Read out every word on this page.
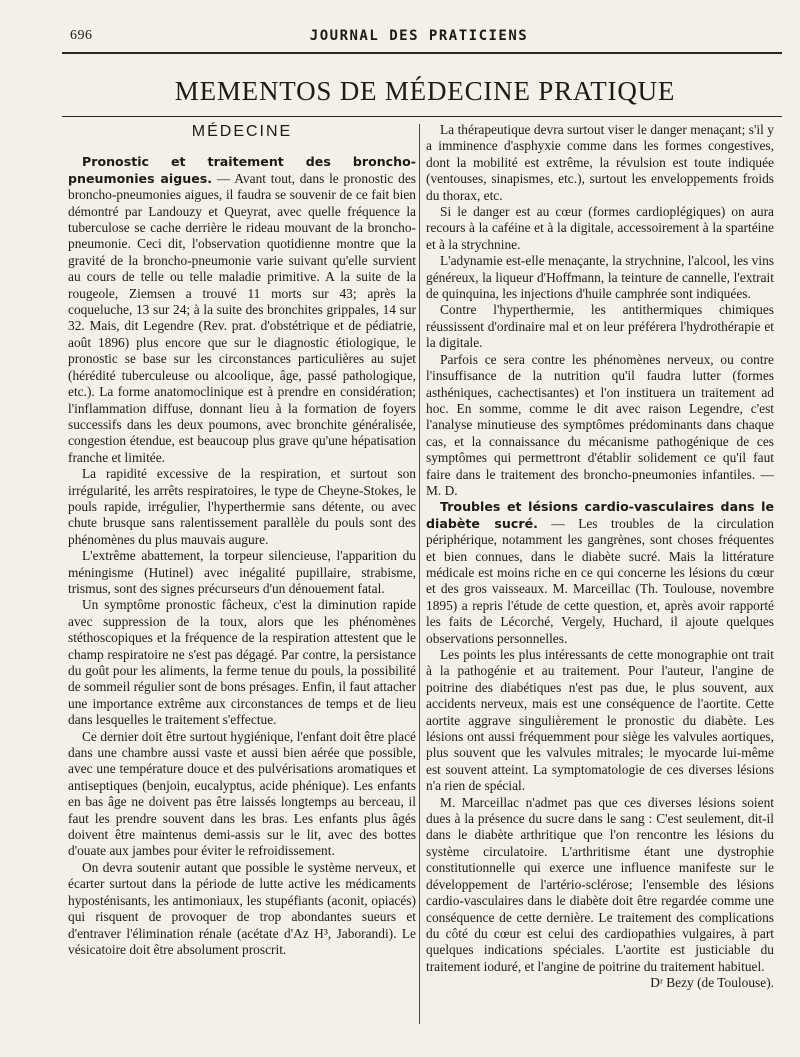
696	JOURNAL DES PRATICIENS
MEMENTOS DE MÉDECINE PRATIQUE
MÉDECINE

Pronostic et traitement des broncho-pneumonies aigues. — Avant tout, dans le pronostic des broncho-pneumonies aigues, il faudra se souvenir de ce fait bien démontré par Landouzy et Queyrat, avec quelle fréquence la tuberculose se cache derrière le rideau mouvant de la broncho-pneumonie. Ceci dit, l'observation quotidienne montre que la gravité de la broncho-pneumonie varie suivant qu'elle survient au cours de telle ou telle maladie primitive. A la suite de la rougeole, Ziemsen a trouvé 11 morts sur 43; après la coqueluche, 13 sur 24; à la suite des bronchites grippales, 14 sur 32. Mais, dit Legendre (Rev. prat. d'obstétrique et de pédiatrie, août 1896) plus encore que sur le diagnostic étiologique, le pronostic se base sur les circonstances particulières au sujet (hérédité tuberculeuse ou alcoolique, âge, passé pathologique, etc.). La forme anatomoclinique est à prendre en considération; l'inflammation diffuse, donnant lieu à la formation de foyers successifs dans les deux poumons, avec bronchite généralisée, congestion étendue, est beaucoup plus grave qu'une hépatisation franche et limitée.

La rapidité excessive de la respiration, et surtout son irrégularité, les arrêts respiratoires, le type de Cheyne-Stokes, le pouls rapide, irrégulier, l'hyperthermie sans détente, ou avec chute brusque sans ralentissement parallèle du pouls sont des phénomènes du plus mauvais augure.

L'extrême abattement, la torpeur silencieuse, l'apparition du méningisme (Hutinel) avec inégalité pupillaire, strabisme, trismus, sont des signes précurseurs d'un dénouement fatal.

Un symptôme pronostic fâcheux, c'est la diminution rapide avec suppression de la toux, alors que les phénomènes stéthoscopiques et la fréquence de la respiration attestent que le champ respiratoire ne s'est pas dégagé. Par contre, la persistance du goût pour les aliments, la ferme tenue du pouls, la possibilité de sommeil régulier sont de bons présages. Enfin, il faut attacher une importance extrême aux circonstances de temps et de lieu dans lesquelles le traitement s'effectue.

Ce dernier doit être surtout hygiénique, l'enfant doit être placé dans une chambre aussi vaste et aussi bien aérée que possible, avec une température douce et des pulvérisations aromatiques et antiseptiques (benjoin, eucalyptus, acide phénique). Les enfants en bas âge ne doivent pas être laissés longtemps au berceau, il faut les prendre souvent dans les bras. Les enfants plus âgés doivent être maintenus demi-assis sur le lit, avec des bottes d'ouate aux jambes pour éviter le refroidissement.

On devra soutenir autant que possible le système nerveux, et écarter surtout dans la période de lutte active les médicaments hyposténisants, les antimoniaux, les stupéfiants (aconit, opiacés) qui risquent de provoquer de trop abondantes sueurs et d'entraver l'élimination rénale (acétate d'Az H³, Jaborandi). Le vésicatoire doit être absolument proscrit.

La thérapeutique devra surtout viser le danger menaçant; s'il y a imminence d'asphyxie comme dans les formes congestives, dont la mobilité est extrême, la révulsion est toute indiquée (ventouses, sinapismes, etc.), surtout les enveloppements froids du thorax, etc.

Si le danger est au cœur (formes cardioplégiques) on aura recours à la caféine et à la digitale, accessoirement à la spartéine et à la strychnine.

L'adynamie est-elle menaçante, la strychnine, l'alcool, les vins généreux, la liqueur d'Hoffmann, la teinture de cannelle, l'extrait de quinquina, les injections d'huile camphrée sont indiquées.

Contre l'hyperthermie, les antithermiques chimiques réussissent d'ordinaire mal et on leur préférera l'hydrothérapie et la digitale.

Parfois ce sera contre les phénomènes nerveux, ou contre l'insuffisance de la nutrition qu'il faudra lutter (formes asthéniques, cachectisantes) et l'on instituera un traitement ad hoc. En somme, comme le dit avec raison Legendre, c'est l'analyse minutieuse des symptômes prédominants dans chaque cas, et la connaissance du mécanisme pathogénique de ces symptômes qui permettront d'établir solidement ce qu'il faut faire dans le traitement des broncho-pneumonies infantiles. — M. D.

Troubles et lésions cardio-vasculaires dans le diabète sucré. — Les troubles de la circulation périphérique, notamment les gangrènes, sont choses fréquentes et bien connues, dans le diabète sucré. Mais la littérature médicale est moins riche en ce qui concerne les lésions du cœur et des gros vaisseaux. M. Marceillac (Th. Toulouse, novembre 1895) a repris l'étude de cette question, et, après avoir rapporté les faits de Lécorché, Vergely, Huchard, il ajoute quelques observations personnelles.

Les points les plus intéressants de cette monographie ont trait à la pathogénie et au traitement. Pour l'auteur, l'angine de poitrine des diabétiques n'est pas due, le plus souvent, aux accidents nerveux, mais est une conséquence de l'aortite. Cette aortite aggrave singulièrement le pronostic du diabète. Les lésions ont aussi fréquemment pour siège les valvules aortiques, plus souvent que les valvules mitrales; le myocarde lui-même est souvent atteint. La symptomatologie de ces diverses lésions n'a rien de spécial.

M. Marceillac n'admet pas que ces diverses lésions soient dues à la présence du sucre dans le sang : C'est seulement, dit-il dans le diabète arthritique que l'on rencontre les lésions du système circulatoire. L'arthritisme étant une dystrophie constitutionnelle qui exerce une influence manifeste sur le développement de l'artério-sclérose; l'ensemble des lésions cardio-vasculaires dans le diabète doit être regardée comme une conséquence de cette dernière. Le traitement des complications du côté du cœur est celui des cardiopathies vulgaires, à part quelques indications spéciales. L'aortite est justiciable du traitement ioduré, et l'angine de poitrine du traitement habituel.

Dʳ Bezy (de Toulouse).
